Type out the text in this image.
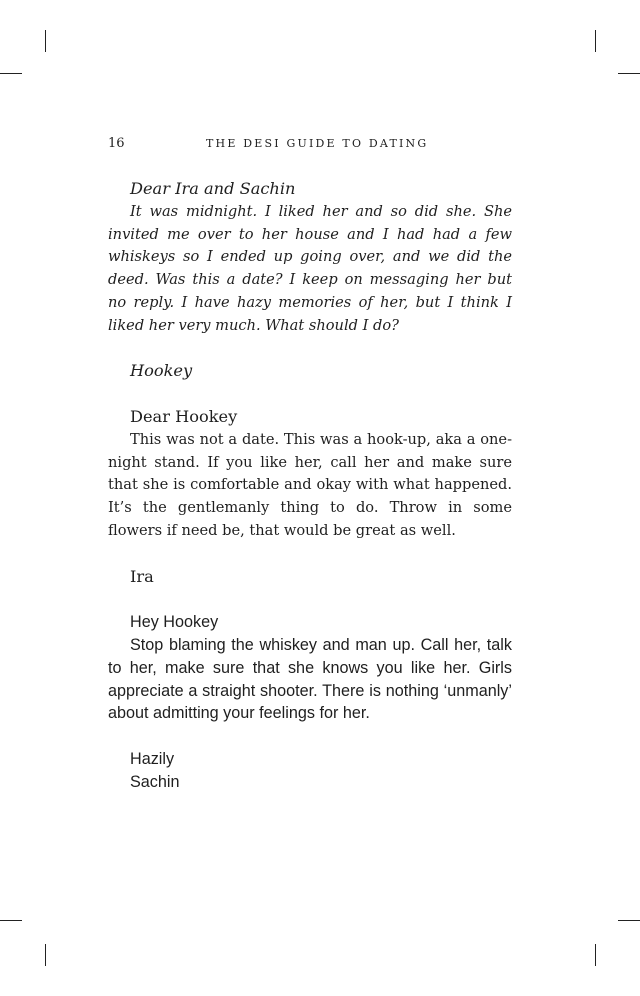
16	THE DESI GUIDE TO DATING

Dear Ira and Sachin

It was midnight. I liked her and so did she. She invited me over to her house and I had had a few whiskeys so I ended up going over, and we did the deed. Was this a date? I keep on messaging her but no reply. I have hazy memories of her, but I think I liked her very much. What should I do?

Hookey

Dear Hookey

This was not a date. This was a hook-up, aka a one-night stand. If you like her, call her and make sure that she is comfortable and okay with what happened. It’s the gentlemanly thing to do. Throw in some flowers if need be, that would be great as well.

Ira

Hey Hookey

Stop blaming the whiskey and man up. Call her, talk to her, make sure that she knows you like her. Girls appreciate a straight shooter. There is nothing ‘unmanly’ about admitting your feelings for her.

Hazily

Sachin
